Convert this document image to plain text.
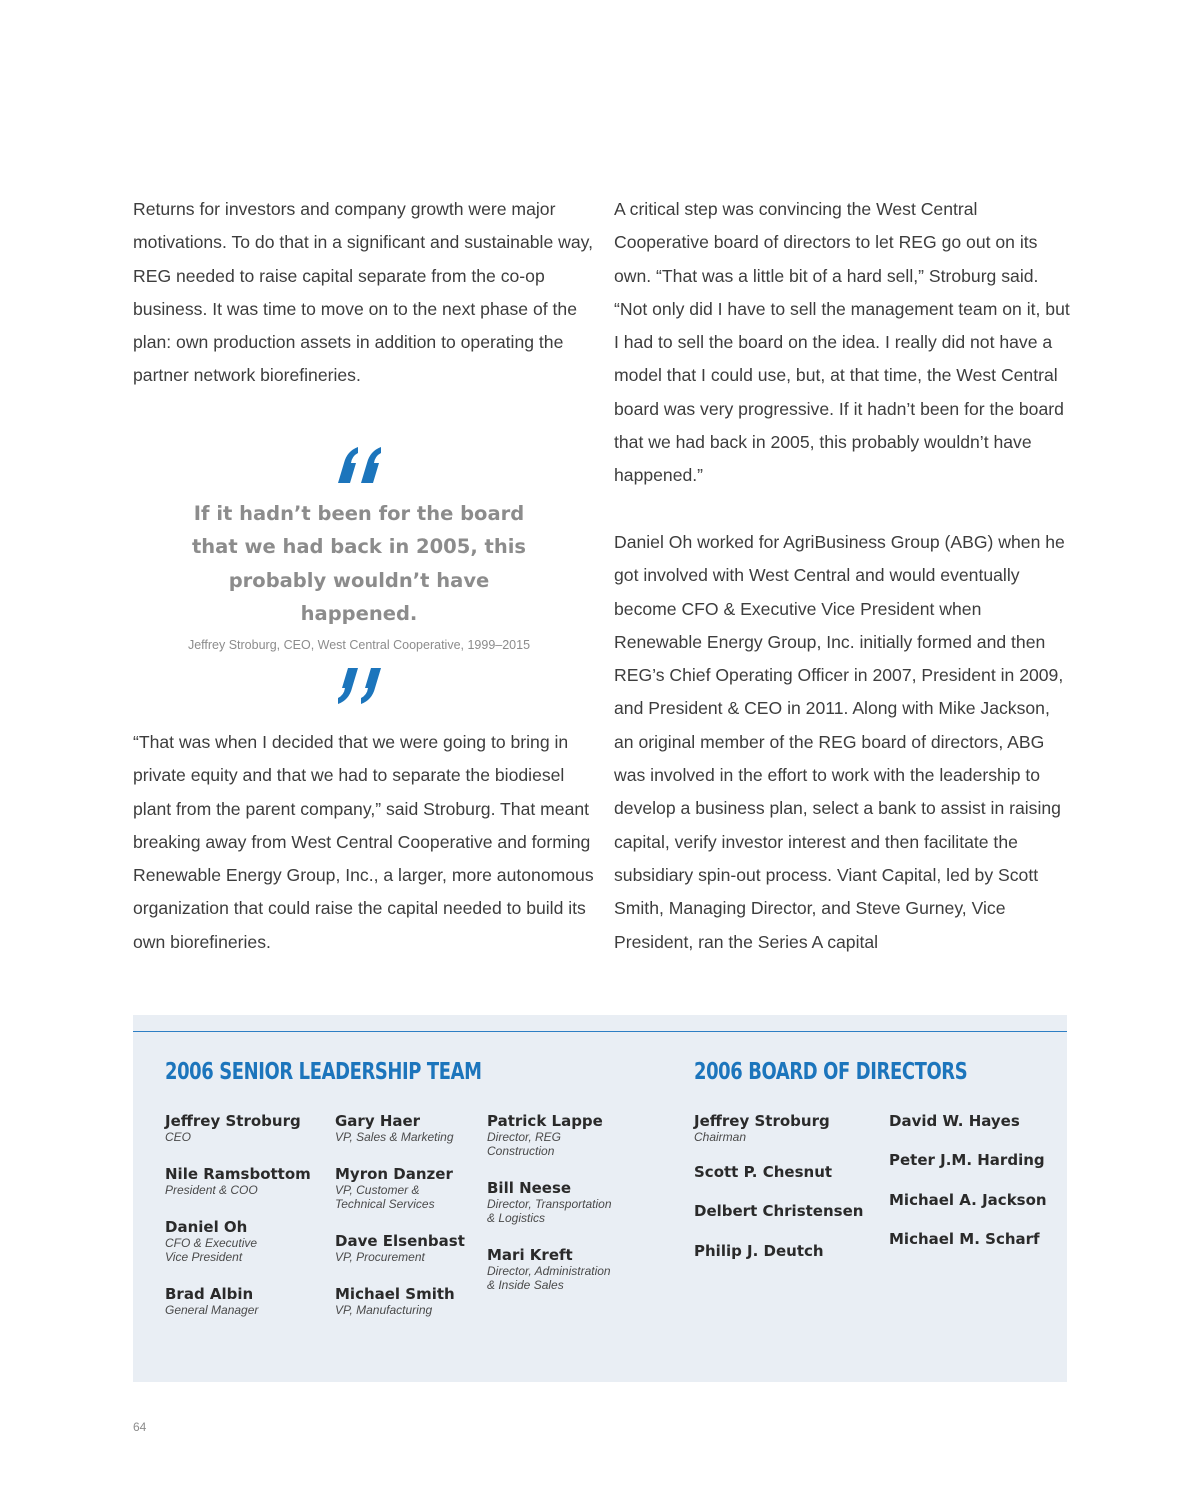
Returns for investors and company growth were major motivations. To do that in a significant and sustainable way, REG needed to raise capital separate from the co-op business. It was time to move on to the next phase of the plan: own production assets in addition to operating the partner network biorefineries.

If it hadn’t been for the board that we had back in 2005, this probably wouldn’t have happened.

Jeffrey Stroburg, CEO, West Central Cooperative, 1999–2015

“That was when I decided that we were going to bring in private equity and that we had to separate the biodiesel plant from the parent company,” said Stroburg. That meant breaking away from West Central Cooperative and forming Renewable Energy Group, Inc., a larger, more autonomous organization that could raise the capital needed to build its own biorefineries.

A critical step was convincing the West Central Cooperative board of directors to let REG go out on its own. “That was a little bit of a hard sell,” Stroburg said. “Not only did I have to sell the management team on it, but I had to sell the board on the idea. I really did not have a model that I could use, but, at that time, the West Central board was very progressive. If it hadn’t been for the board that we had back in 2005, this probably wouldn’t have happened.”

Daniel Oh worked for AgriBusiness Group (ABG) when he got involved with West Central and would eventually become CFO & Executive Vice President when Renewable Energy Group, Inc. initially formed and then REG’s Chief Operating Officer in 2007, President in 2009, and President & CEO in 2011. Along with Mike Jackson, an original member of the REG board of directors, ABG was involved in the effort to work with the leadership to develop a business plan, select a bank to assist in raising capital, verify investor interest and then facilitate the subsidiary spin-out process. Viant Capital, led by Scott Smith, Managing Director, and Steve Gurney, Vice President, ran the Series A capital

2006 SENIOR LEADERSHIP TEAM	2006 BOARD OF DIRECTORS
Jeffrey Stroburg
CEO
Nile Ramsbottom
President & COO
Daniel Oh
CFO & Executive Vice President
Brad Albin
General Manager
Gary Haer
VP, Sales & Marketing
Myron Danzer
VP, Customer & Technical Services
Dave Elsenbast
VP, Procurement
Michael Smith
VP, Manufacturing
Patrick Lappe
Director, REG Construction
Bill Neese
Director, Transportation & Logistics
Mari Kreft
Director, Administration & Inside Sales
Jeffrey Stroburg
Chairman
Scott P. Chesnut
Delbert Christensen
Philip J. Deutch
David W. Hayes
Peter J.M. Harding
Michael A. Jackson
Michael M. Scharf
64
